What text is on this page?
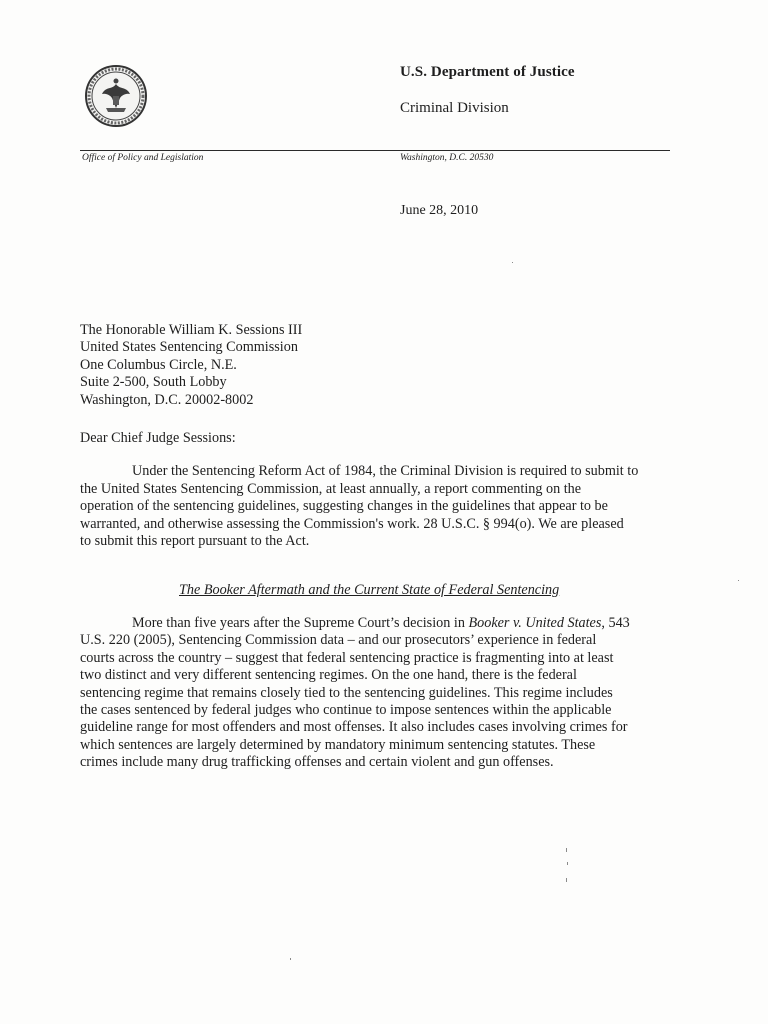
U.S. Department of Justice
Criminal Division
Office of Policy and Legislation	Washington, D.C. 20530
June 28, 2010
The Honorable William K. Sessions III
United States Sentencing Commission
One Columbus Circle, N.E.
Suite 2-500, South Lobby
Washington, D.C. 20002-8002
Dear Chief Judge Sessions:
Under the Sentencing Reform Act of 1984, the Criminal Division is required to submit to
the United States Sentencing Commission, at least annually, a report commenting on the
operation of the sentencing guidelines, suggesting changes in the guidelines that appear to be
warranted, and otherwise assessing the Commission's work. 28 U.S.C. § 994(o). We are pleased
to submit this report pursuant to the Act.
The Booker Aftermath and the Current State of Federal Sentencing
More than five years after the Supreme Court’s decision in Booker v. United States, 543
U.S. 220 (2005), Sentencing Commission data – and our prosecutors’ experience in federal
courts across the country – suggest that federal sentencing practice is fragmenting into at least
two distinct and very different sentencing regimes. On the one hand, there is the federal
sentencing regime that remains closely tied to the sentencing guidelines. This regime includes
the cases sentenced by federal judges who continue to impose sentences within the applicable
guideline range for most offenders and most offenses. It also includes cases involving crimes for
which sentences are largely determined by mandatory minimum sentencing statutes. These
crimes include many drug trafficking offenses and certain violent and gun offenses.
